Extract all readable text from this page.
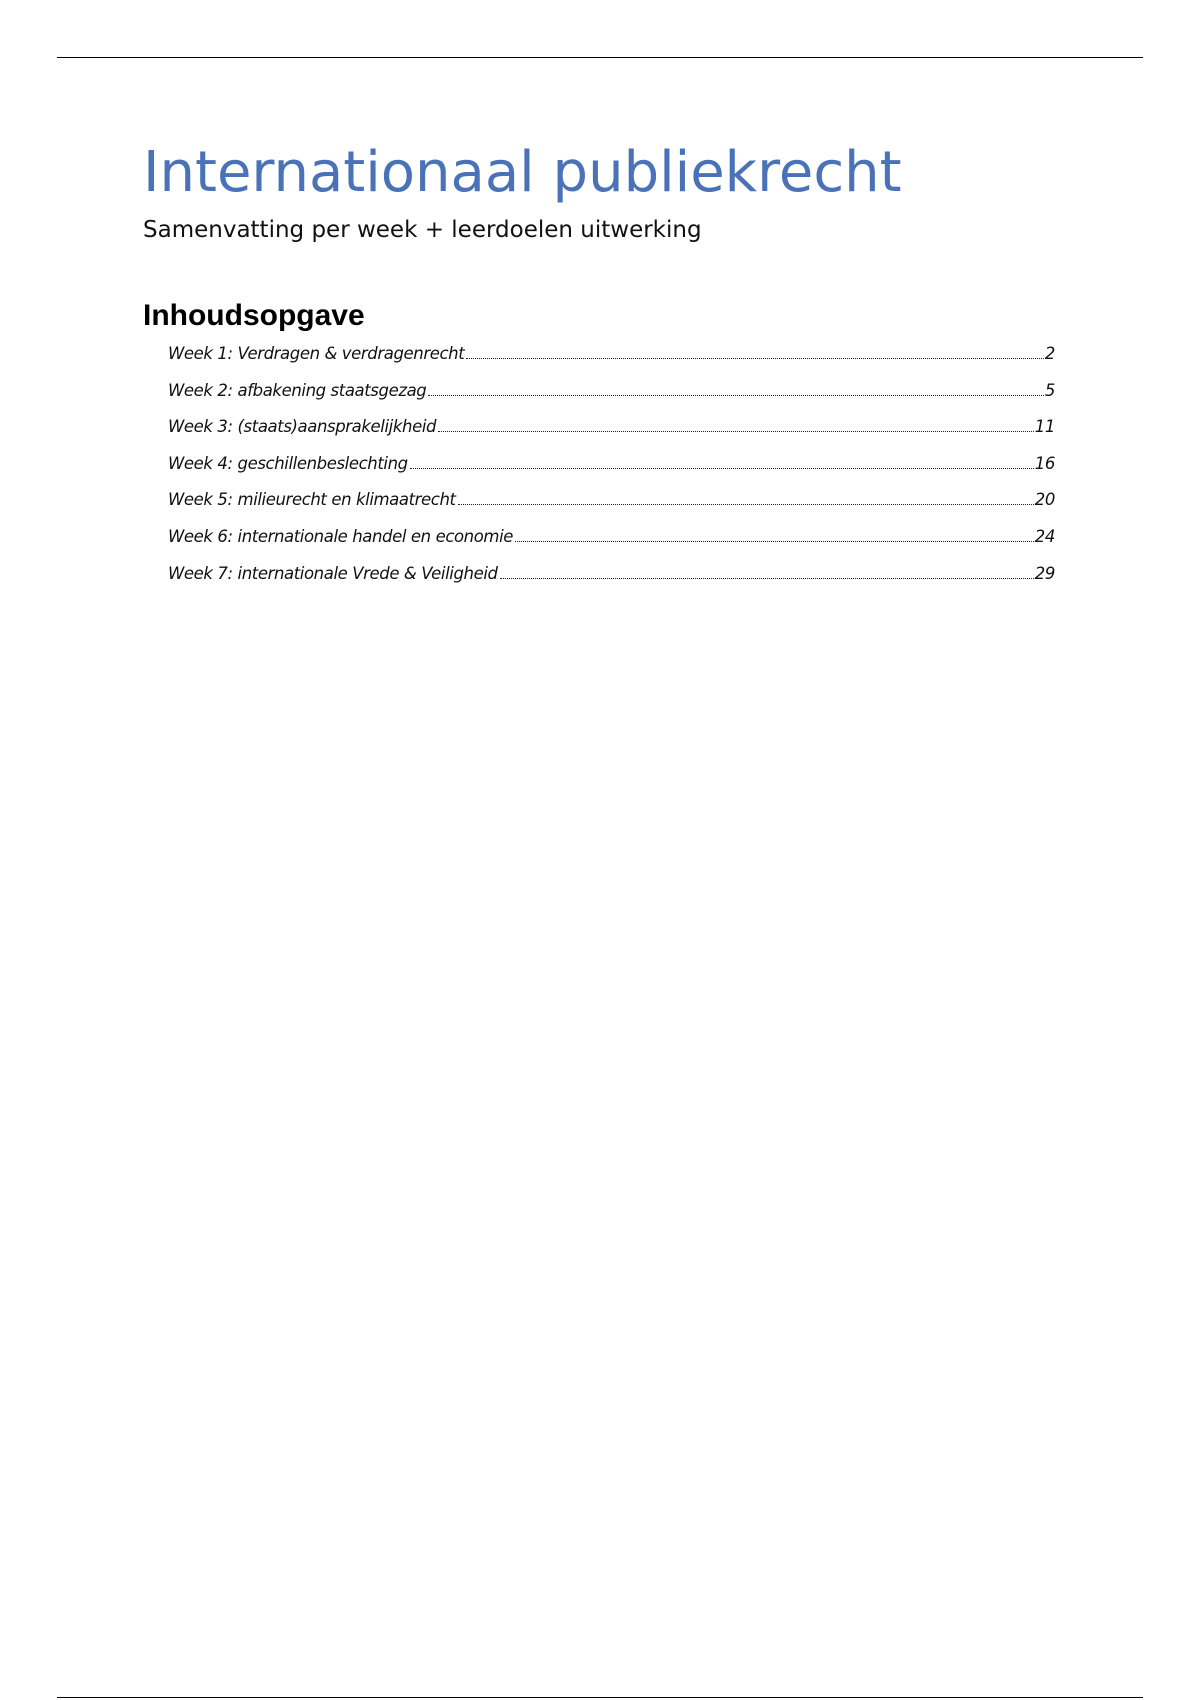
Internationaal publiekrecht

Samenvatting per week + leerdoelen uitwerking

Inhoudsopgave
Week 1: Verdragen & verdragenrecht	2
Week 2: afbakening staatsgezag	5
Week 3: (staats)aansprakelijkheid	11
Week 4: geschillenbeslechting	16
Week 5: milieurecht en klimaatrecht	20
Week 6: internationale handel en economie	24
Week 7: internationale Vrede & Veiligheid	29
